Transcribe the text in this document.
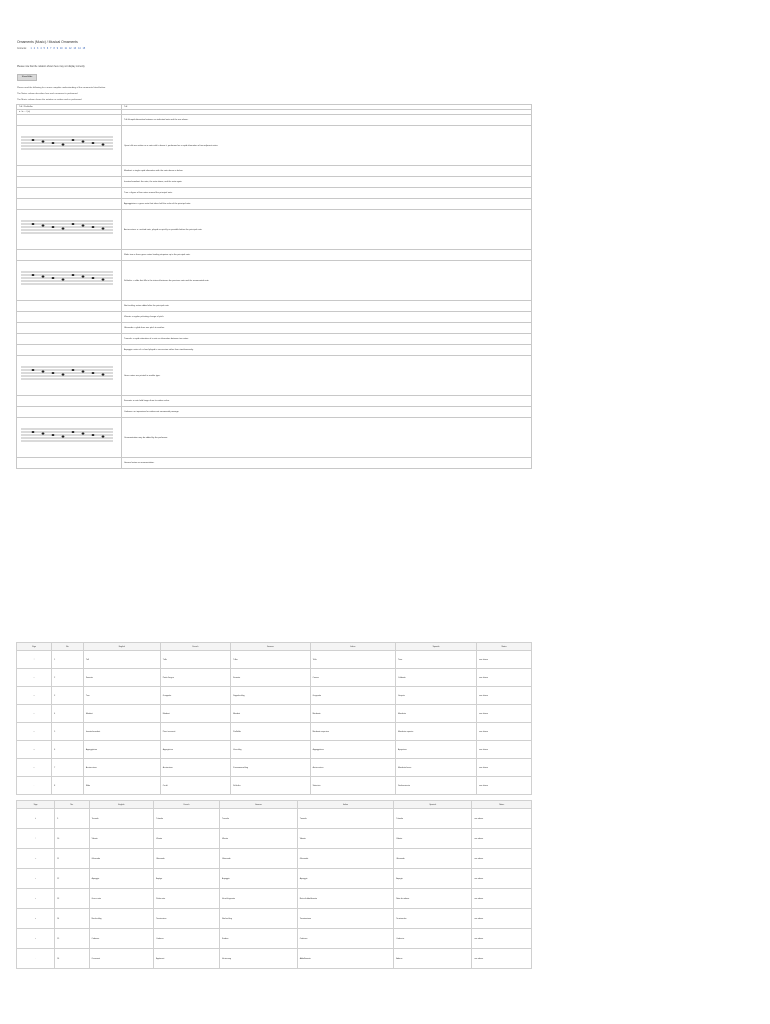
Ornaments (Music) / Musical Ornaments
Contents: 1 2 3 4 5 6 7 8 9 10 11 12 13 14 15
Please note that the notation shown here may not display correctly.
Show/Hide
Please read the following for a more complete understanding of the ornaments listed below.
The Notes column describes how each ornament is performed.
The Music column shows the notation as written and as performed.
Trill / Pralltriller	Trill
tr / tr~~ / (tr)	
	Trill: A rapid alternation between an indicated note and the one above.
	Open trills are written as a note with tr above it, performed as a rapid alternation of two adjacent notes.
	Mordent: a single rapid alternation with the note above or below.
	Inverted mordent: the note, the note above, and the note again.
	Turn: a figure of four notes around the principal note.
	Appoggiatura: a grace note that takes half the value of the principal note.
	Acciaccatura: a crushed note, played as quickly as possible before the principal note.
	Slide: two or three grace notes leading stepwise up to the principal note.
	Schleifer: a slide that fills in the interval between the previous note and the ornamented note.
	Nachschlag: notes added after the principal note.
	Vibrato: a regular pulsating change of pitch.
	Glissando: a glide from one pitch to another.
	Tremolo: a rapid reiteration of a note or alternation between two notes.
	Arpeggio: notes of a chord played in succession rather than simultaneously.
	Grace notes are printed in smaller type.
	Fermata: a note held longer than its written value.
	Cadenza: an improvised or written-out ornamental passage.
	Ornamentation may be added by the performer.
	General notes on ornamentation.
Sign	No.	English	French	German	Italian	Spanish	Notes
𝄌	1	Trill	Trille	Triller	Trillo	Trino	see above
𝄐	2	Fermata	Point d'orgue	Fermate	Corona	Calderón	see above
~	3	Turn	Gruppetto	Doppelschlag	Gruppetto	Grupeto	see above
𝆗	4	Mordent	Mordant	Mordent	Mordente	Mordente	see above
𝆘	5	Inverted mordent	Pincé renversé	Pralltriller	Mordente superiore	Mordente superior	see above
𝆙	6	Appoggiatura	Appogiature	Vorschlag	Appoggiatura	Apoyatura	see above
𝆚	7	Acciaccatura	Acciacature	Zusammenschlag	Acciaccatura	Mordente breve	see above
𝆛	8	Slide	Coulé	Schleifer	Strisciata	Deslizamiento	see above
Sign	No.	English	French	German	Italian	Spanish	Notes
𝄋	9	Tremolo	Trémolo	Tremolo	Tremolo	Trémolo	see above
𝄌	10	Vibrato	Vibrato	Vibrato	Vibrato	Vibrato	see above
~	11	Glissando	Glissando	Glissando	Glissando	Glissando	see above
𝆗	12	Arpeggio	Arpège	Arpeggio	Arpeggio	Arpegio	see above
𝆘	13	Grace note	Petite note	Vorschlagsnote	Nota di abbellimento	Nota de adorno	see above
𝆙	14	Nachschlag	Terminaison	Nachschlag	Terminazione	Terminación	see above
𝆚	15	Cadenza	Cadence	Kadenz	Cadenza	Cadencia	see above
𝆛	16	Ornament	Agrément	Verzierung	Abbellimento	Adorno	see above
